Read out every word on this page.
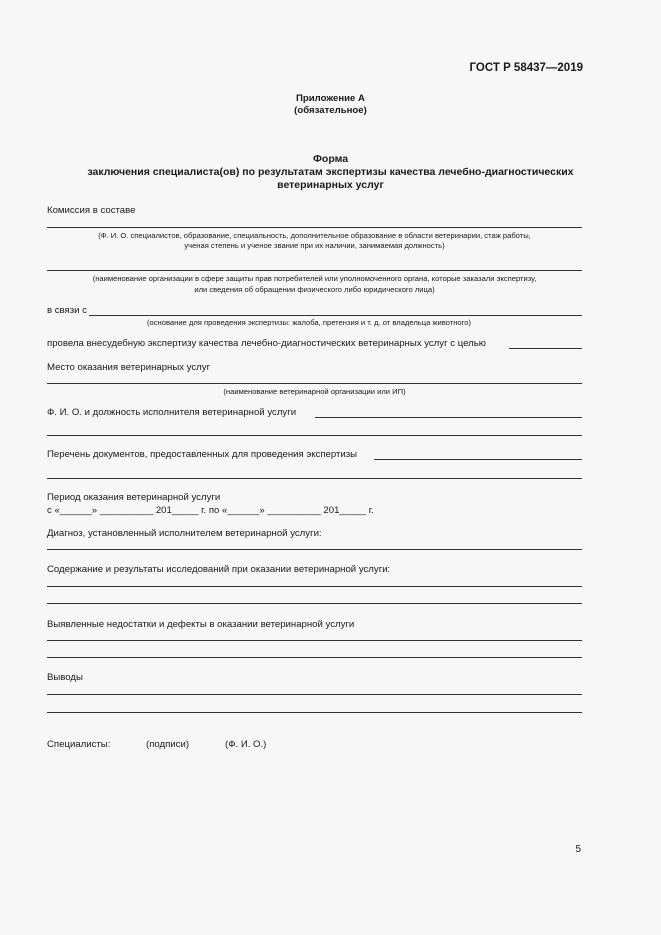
ГОСТ Р 58437—2019
Приложение А
(обязательное)
Форма
заключения специалиста(ов) по результатам экспертизы качества лечебно-диагностических
ветеринарных услуг
Комиссия в составе
(Ф. И. О. специалистов, образование, специальность, дополнительное образование в области ветеринарии, стаж работы,
ученая степень и ученое звание при их наличии, занимаемая должность)
(наименование организации в сфере защиты прав потребителей или уполномоченного органа, которые заказали экспертизу,
или сведения об обращении физического либо юридического лица)
в связи с
(основание для проведения экспертизы: жалоба, претензия и т. д. от владельца животного)
провела внесудебную экспертизу качества лечебно-диагностических ветеринарных услуг с целью
Место оказания ветеринарных услуг
(наименование ветеринарной организации или ИП)
Ф. И. О. и должность исполнителя ветеринарной услуги
Перечень документов, предоставленных для проведения экспертизы
Период оказания ветеринарной услуги
с «______» __________ 201_____ г. по «______» __________ 201_____ г.
Диагноз, установленный исполнителем ветеринарной услуги:
Содержание и результаты исследований при оказании ветеринарной услуги:
Выявленные недостатки и дефекты в оказании ветеринарной услуги
Выводы
Специалисты:	(подписи)	(Ф. И. О.)
5
